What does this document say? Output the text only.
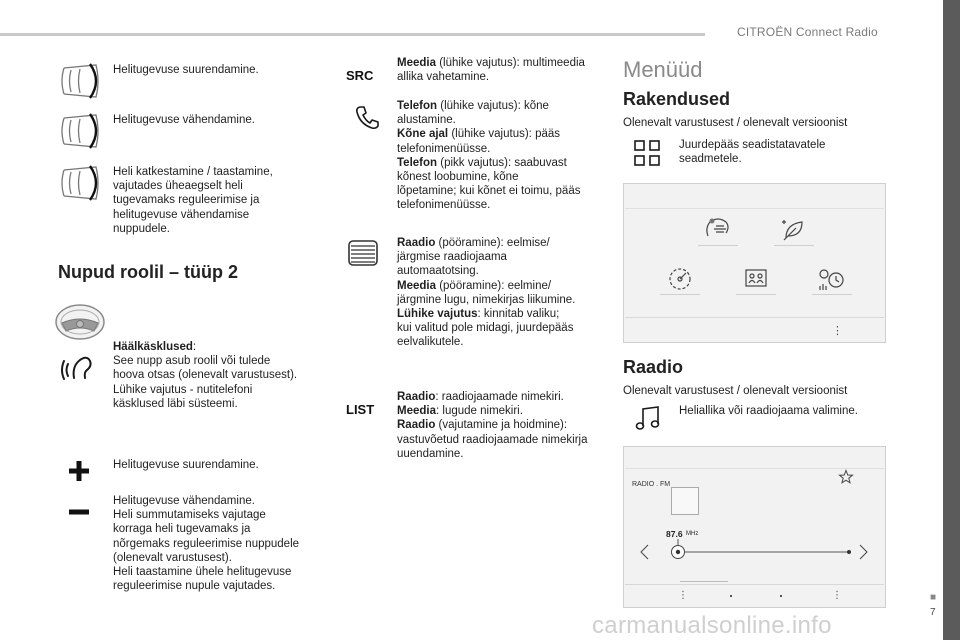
CITROËN Connect Radio
■
7
Helitugevuse suurendamine.
Helitugevuse vähendamine.
Heli katkestamine / taastamine,
vajutades üheaegselt heli
tugevamaks reguleerimise ja
helitugevuse vähendamise
nuppudele.
Nupud roolil – tüüp 2
Häälkäsklused:
See nupp asub roolil või tulede
hoova otsas (olenevalt varustusest).
Lühike vajutus - nutitelefoni
käsklused läbi süsteemi.
Helitugevuse suurendamine.
Helitugevuse vähendamine.
Heli summutamiseks vajutage
korraga heli tugevamaks ja
nõrgemaks reguleerimise nuppudele
(olenevalt varustusest).
Heli taastamine ühele helitugevuse
reguleerimise nupule vajutades.
SRC
Meedia (lühike vajutus): multimeedia
allika vahetamine.
Telefon (lühike vajutus): kõne
alustamine.
Kõne ajal (lühike vajutus): pääs
telefonimenüüsse.
Telefon (pikk vajutus): saabuvast
kõnest loobumine, kõne
lõpetamine; kui kõnet ei toimu, pääs
telefonimenüüsse.
Raadio (pööramine): eelmise/
järgmise raadiojaama
automaatotsing.
Meedia (pööramine): eelmine/
järgmine lugu, nimekirjas liikumine.
Lühike vajutus: kinnitab valiku;
kui valitud pole midagi, juurdepääs
eelvalikutele.
LIST
Raadio: raadiojaamade nimekiri.
Meedia: lugude nimekiri.
Raadio (vajutamine ja hoidmine):
vastuvõetud raadiojaamade nimekirja
uuendamine.
Menüüd
Rakendused
Olenevalt varustusest / olenevalt versioonist
Juurdepääs seadistatavatele
seadmetele.
⋮
Raadio
Olenevalt varustusest / olenevalt versioonist
Heliallika või raadiojaama valimine.
RADIO . FM
87.6 MHz
⋮	⋮
carmanualsonline.info
